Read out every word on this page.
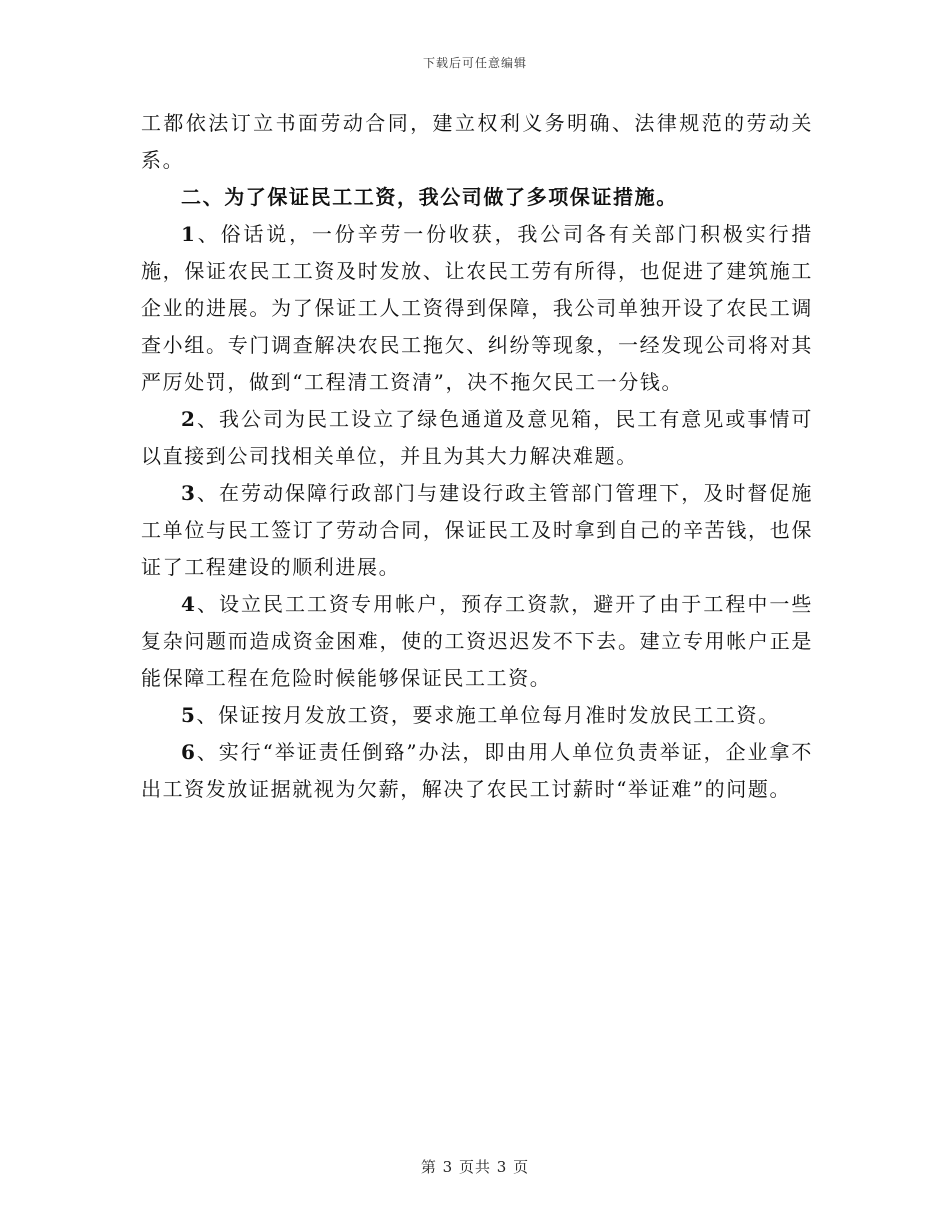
下载后可任意编辑

工都依法订立书面劳动合同，建立权利义务明确、法律规范的劳动关系。

二、为了保证民工工资，我公司做了多项保证措施。

1、俗话说，一份辛劳一份收获，我公司各有关部门积极实行措施，保证农民工工资及时发放、让农民工劳有所得，也促进了建筑施工企业的进展。为了保证工人工资得到保障，我公司单独开设了农民工调查小组。专门调查解决农民工拖欠、纠纷等现象，一经发现公司将对其严厉处罚，做到“工程清工资清”，决不拖欠民工一分钱。

2、我公司为民工设立了绿色通道及意见箱，民工有意见或事情可以直接到公司找相关单位，并且为其大力解决难题。

3、在劳动保障行政部门与建设行政主管部门管理下，及时督促施工单位与民工签订了劳动合同，保证民工及时拿到自己的辛苦钱，也保证了工程建设的顺利进展。

4、设立民工工资专用帐户，预存工资款，避开了由于工程中一些复杂问题而造成资金困难，使的工资迟迟发不下去。建立专用帐户正是能保障工程在危险时候能够保证民工工资。

5、保证按月发放工资，要求施工单位每月准时发放民工工资。

6、实行“举证责任倒臵”办法，即由用人单位负责举证，企业拿不出工资发放证据就视为欠薪，解决了农民工讨薪时“举证难”的问题。

第 3 页共 3 页
